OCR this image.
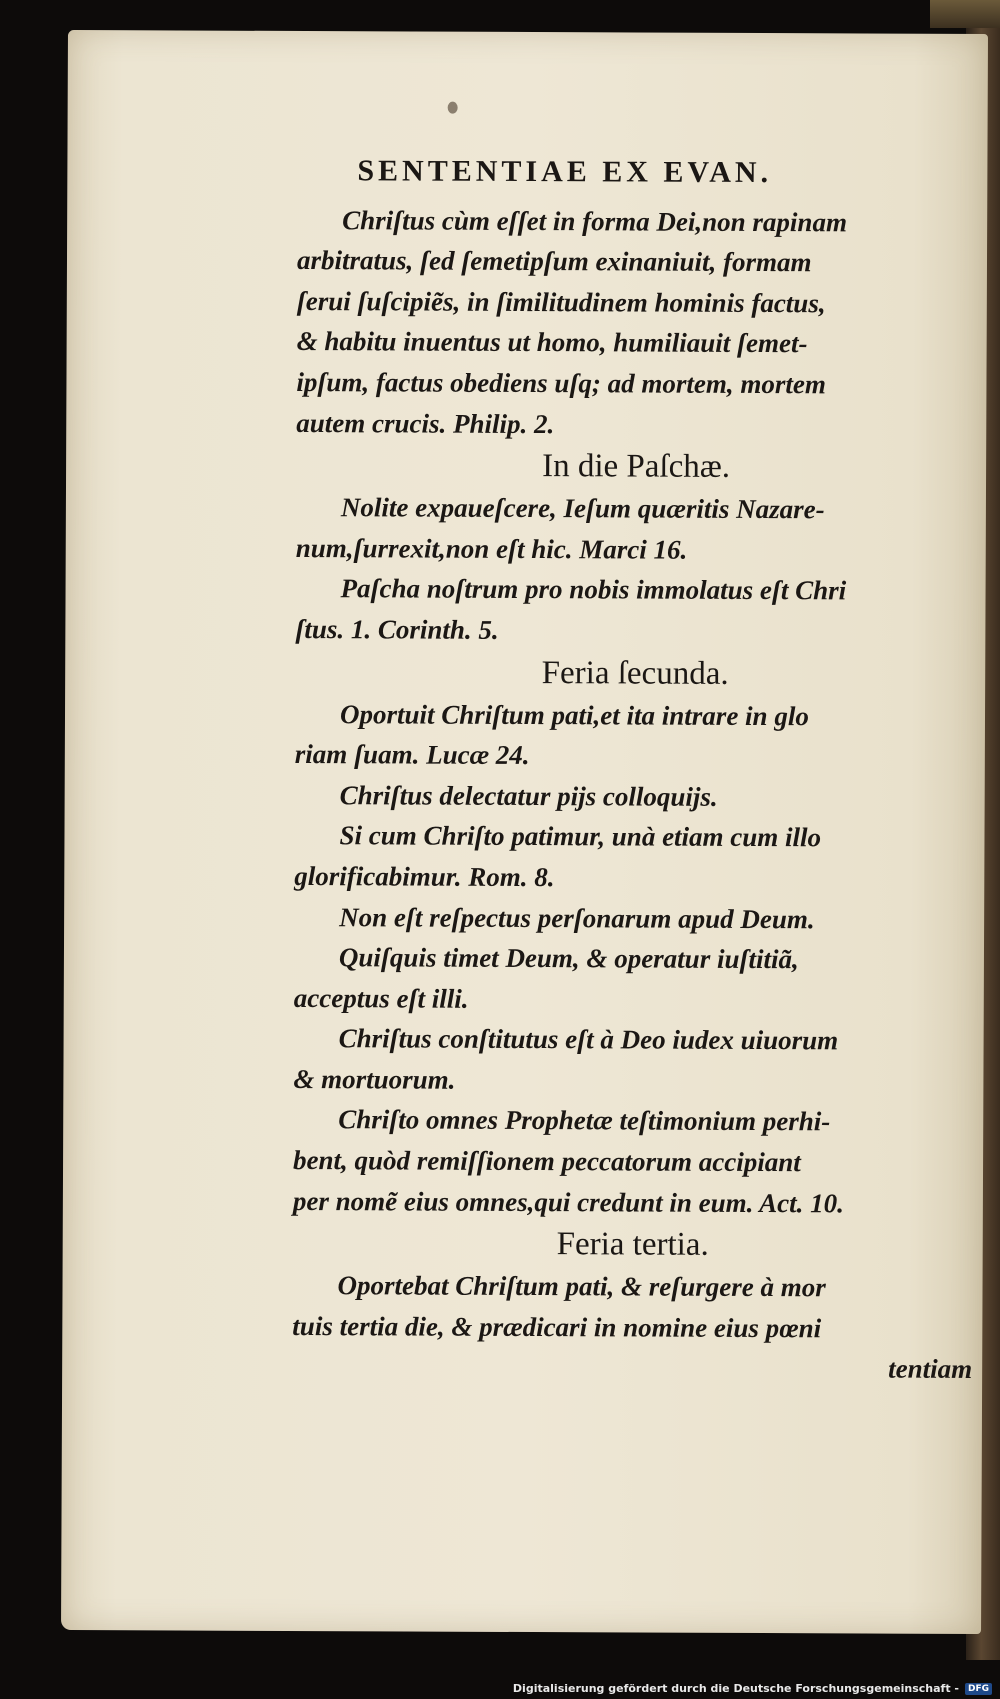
SENTENTIAE EX EVAN.
Chriſtus cùm eſſet in forma Dei,non rapinam
arbitratus, ſed ſemetipſum exinaniuit, formam
ſerui ſuſcipiẽs, in ſimilitudinem hominis factus,
& habitu inuentus ut homo, humiliauit ſemet-
ipſum, factus obediens uſq; ad mortem, mortem
autem crucis. Philip. 2.
In die Paſchæ.
Nolite expaueſcere, Ieſum quæritis Nazare-
num,ſurrexit,non eſt hic. Marci 16.
Paſcha noſtrum pro nobis immolatus eſt Chri
ſtus. 1. Corinth. 5.
Feria ſecunda.
Oportuit Chriſtum pati,et ita intrare in glo
riam ſuam. Lucæ 24.
Chriſtus delectatur pijs colloquijs.
Si cum Chriſto patimur, unà etiam cum illo
glorificabimur. Rom. 8.
Non eſt reſpectus perſonarum apud Deum.
Quiſquis timet Deum, & operatur iuſtitiã,
acceptus eſt illi.
Chriſtus conſtitutus eſt à Deo iudex uiuorum
& mortuorum.
Chriſto omnes Prophetæ teſtimonium perhi-
bent, quòd remiſſionem peccatorum accipiant
per nomẽ eius omnes,qui credunt in eum. Act. 10.
Feria tertia.
Oportebat Chriſtum pati, & reſurgere à mor
tuis tertia die, & prædicari in nomine eius pœni
tentiam
Digitalisierung gefördert durch die Deutsche Forschungsgemeinschaft -	DFG
